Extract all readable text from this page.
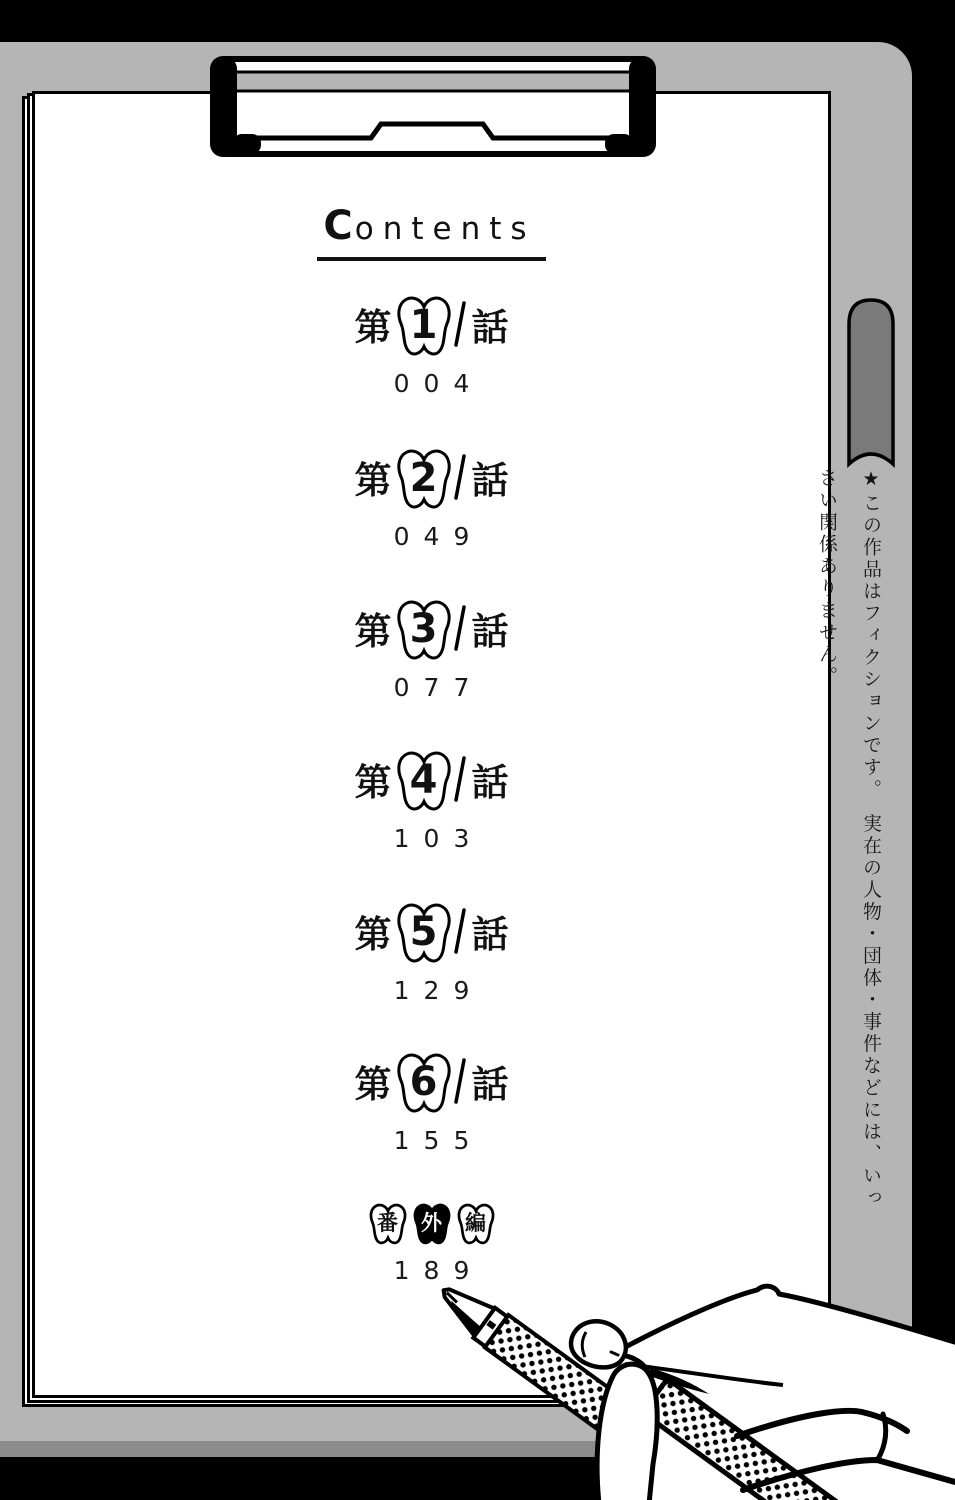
Contents
第 1 話
004
第 2 話
049
第 3 話
077
第 4 話
103
第 5 話
129
第 6 話
155
番	外	編
189
★この作品はフィクションです。　実在の人物・団体・事件などには、いっさい関係ありません。
